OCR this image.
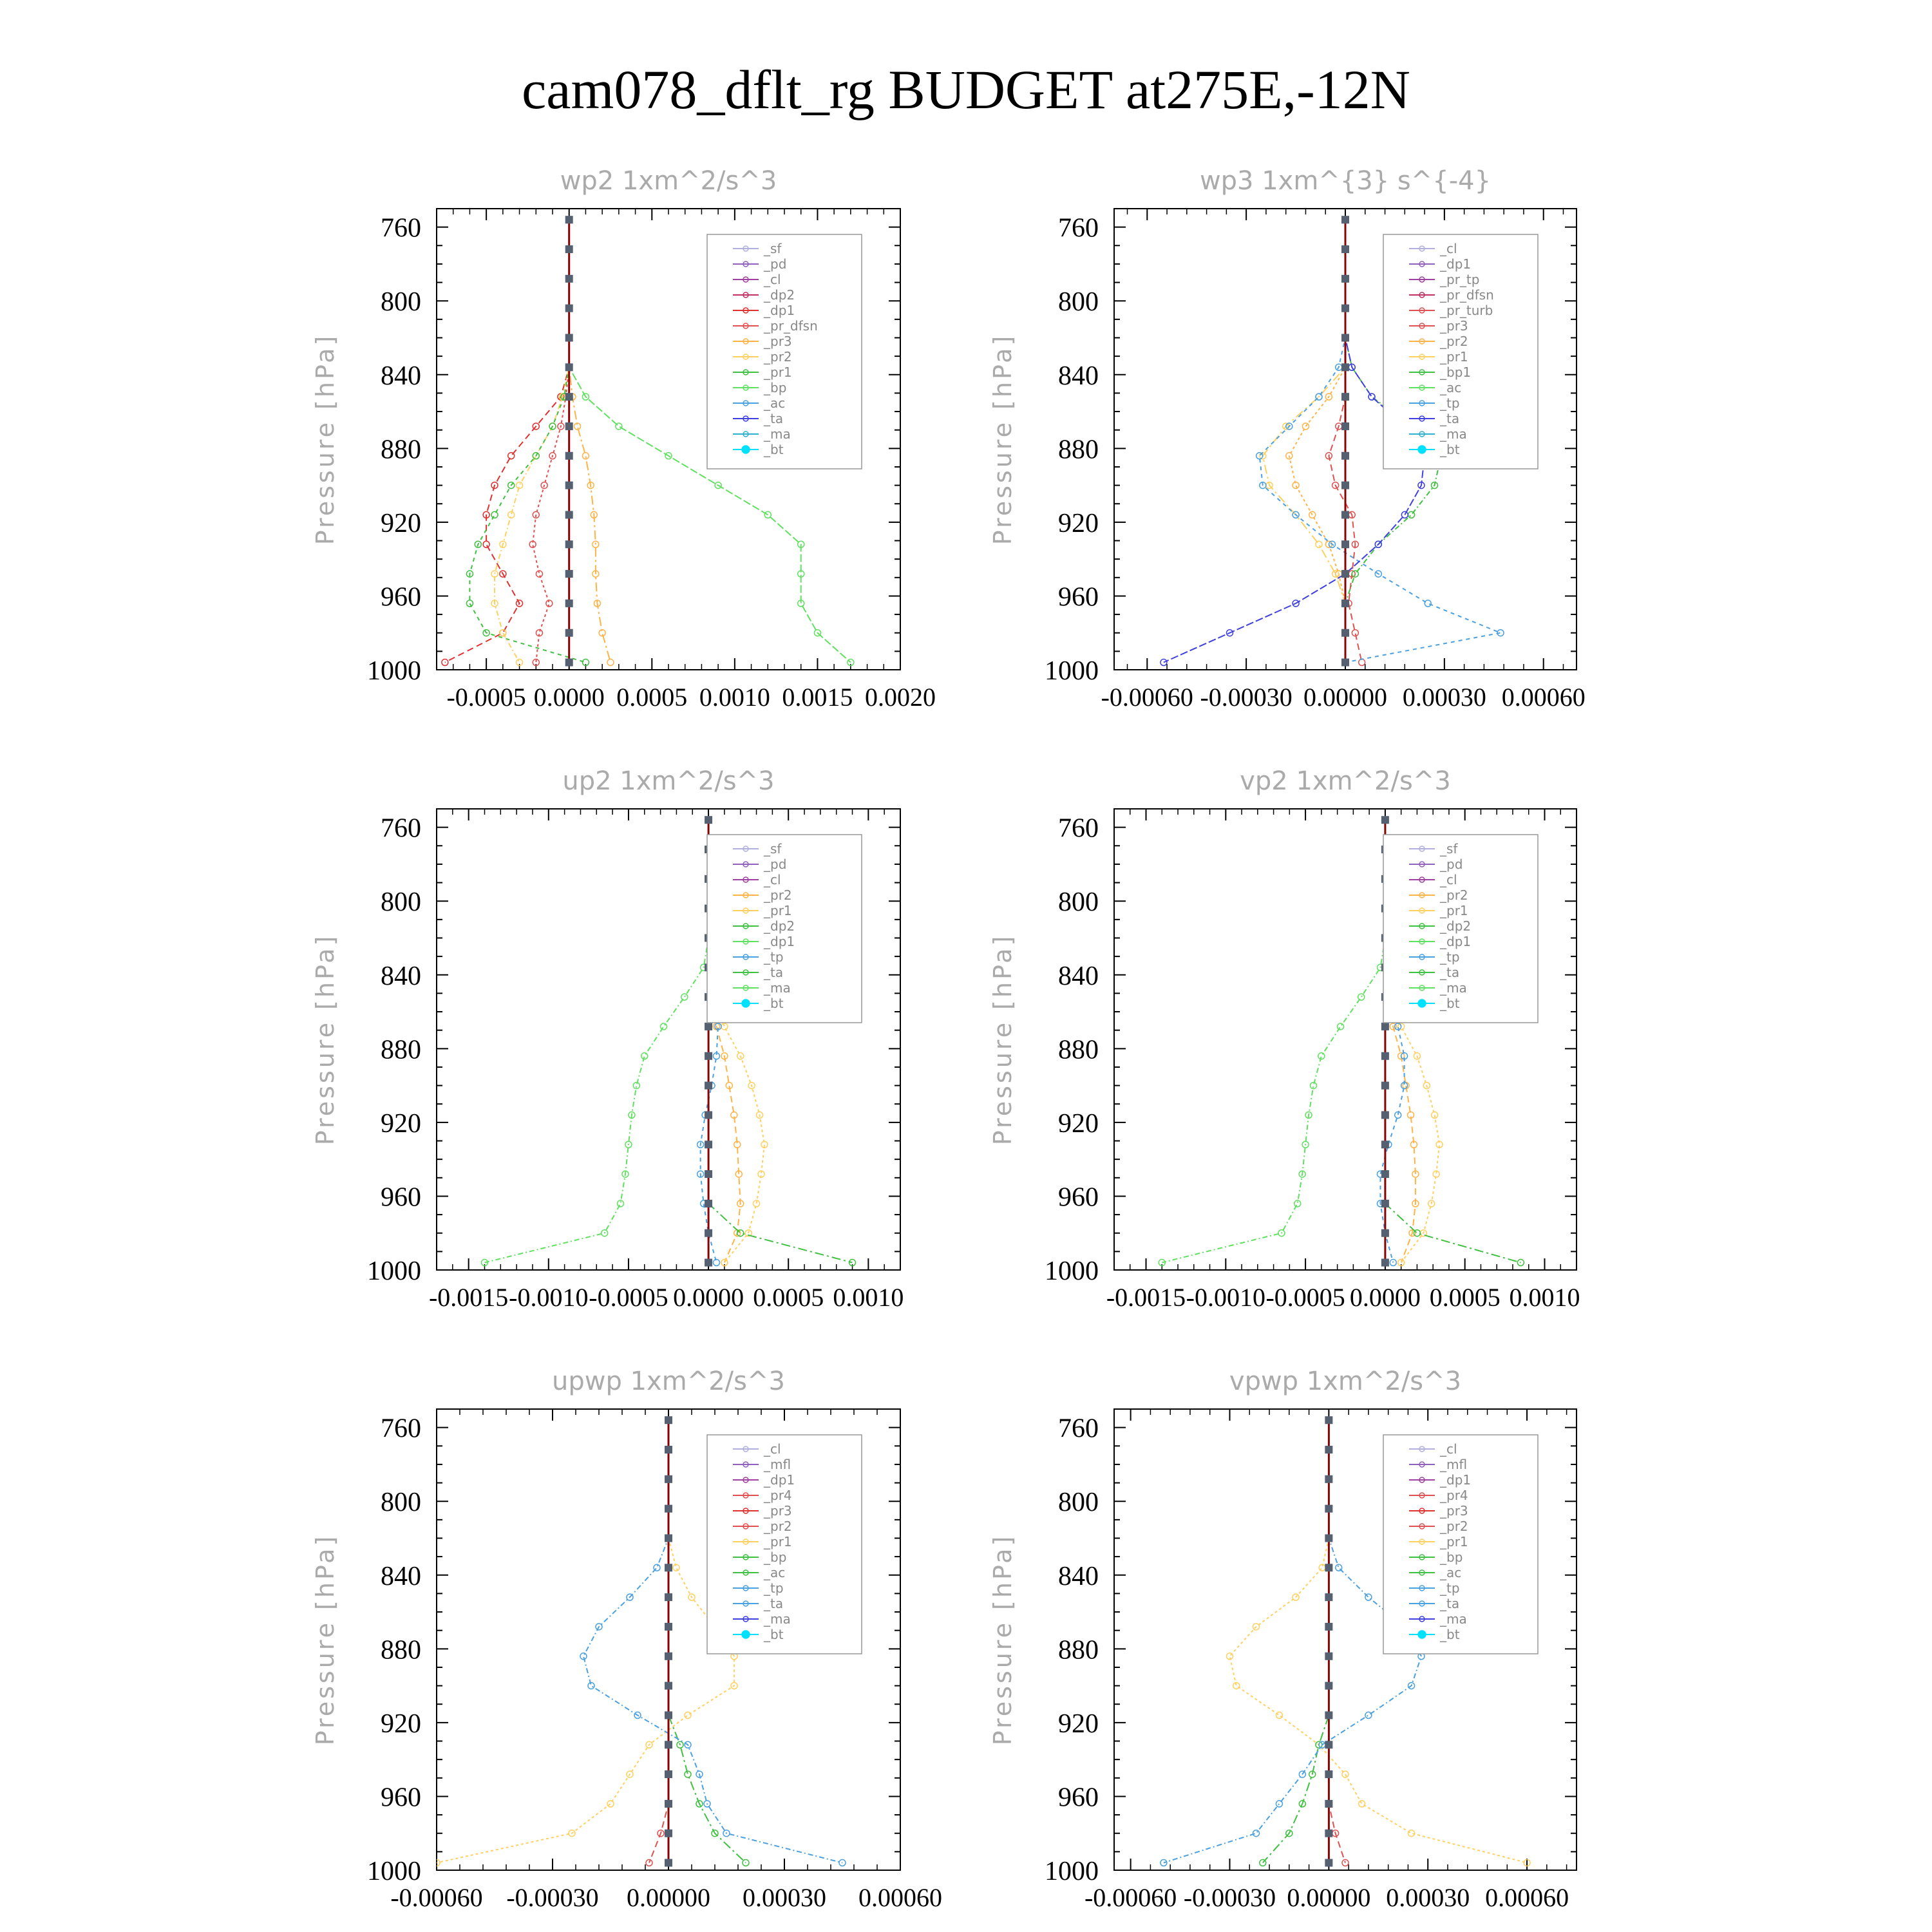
cam078_dflt_rg BUDGET at275E,-12N
wp2 1xm^2/s^3
Pressure [hPa]
760
800
840
880
920
960
1000
-0.0005 0.0000 0.0005 0.0010 0.0015 0.0020
_sf
_pd
_cl
_dp2
_dp1
_pr_dfsn
_pr3
_pr2
_pr1
_bp
_ac
_ta
_ma
_bt
wp3 1xm^{3} s^{-4}
Pressure [hPa]
760
800
840
880
920
960
1000
-0.00060 -0.00030 0.00000 0.00030 0.00060
_cl
_dp1
_pr_tp
_pr_dfsn
_pr_turb
_pr3
_pr2
_pr1
_bp1
_ac
_tp
_ta
_ma
_bt
up2 1xm^2/s^3
Pressure [hPa]
760
800
840
880
920
960
1000
-0.0015 -0.0010 -0.0005 0.0000 0.0005 0.0010
_sf
_pd
_cl
_pr2
_pr1
_dp2
_dp1
_tp
_ta
_ma
_bt
vp2 1xm^2/s^3
Pressure [hPa]
760
800
840
880
920
960
1000
-0.0015 -0.0010 -0.0005 0.0000 0.0005 0.0010
_sf
_pd
_cl
_pr2
_pr1
_dp2
_dp1
_tp
_ta
_ma
_bt
upwp 1xm^2/s^3
Pressure [hPa]
760
800
840
880
920
960
1000
-0.00060 -0.00030 0.00000 0.00030 0.00060
_cl
_mfl
_dp1
_pr4
_pr3
_pr2
_pr1
_bp
_ac
_tp
_ta
_ma
_bt
vpwp 1xm^2/s^3
Pressure [hPa]
760
800
840
880
920
960
1000
-0.00060 -0.00030 0.00000 0.00030 0.00060
_cl
_mfl
_dp1
_pr4
_pr3
_pr2
_pr1
_bp
_ac
_tp
_ta
_ma
_bt
